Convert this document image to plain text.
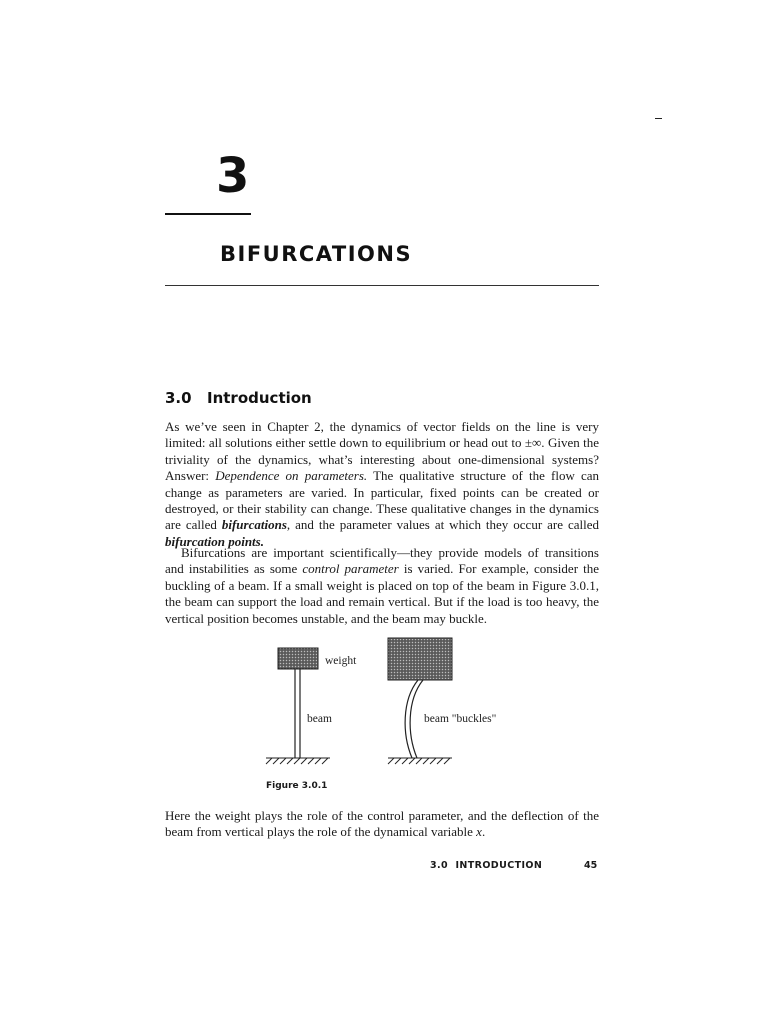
3
BIFURCATIONS
3.0 Introduction

As we’ve seen in Chapter 2, the dynamics of vector fields on the line is very limited: all solutions either settle down to equilibrium or head out to ±∞. Given the triviality of the dynamics, what’s interesting about one-dimensional systems? Answer: Dependence on parameters. The qualitative structure of the flow can change as parameters are varied. In particular, fixed points can be created or destroyed, or their stability can change. These qualitative changes in the dynamics are called bifurcations, and the parameter values at which they occur are called bifurcation points.

Bifurcations are important scientifically—they provide models of transitions and instabilities as some control parameter is varied. For example, consider the buckling of a beam. If a small weight is placed on top of the beam in Figure 3.0.1, the beam can support the load and remain vertical. But if the load is too heavy, the vertical position becomes unstable, and the beam may buckle.

weight
beam	beam "buckles"
Figure 3.0.1

Here the weight plays the role of the control parameter, and the deflection of the beam from vertical plays the role of the dynamical variable x.

3.0  INTRODUCTION	45
